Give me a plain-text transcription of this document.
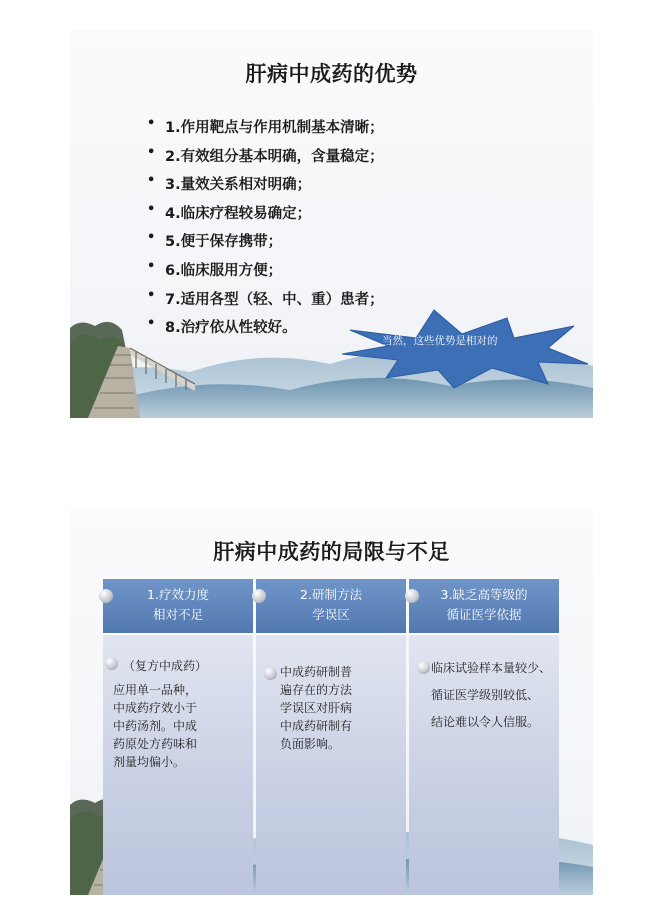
肝病中成药的优势
• 1.作用靶点与作用机制基本清晰；
• 2.有效组分基本明确，含量稳定；
• 3.量效关系相对明确；
• 4.临床疗程较易确定；
• 5.便于保存携带；
• 6.临床服用方便；
• 7.适用各型（轻、中、重）患者；
• 8.治疗依从性较好。
当然，这些优势是相对的
肝病中成药的局限与不足
1.疗效力度
相对不足
（复方中成药）
应用单一品种，
中成药疗效小于
中药汤剂。中成
药原处方药味和
剂量均偏小。
2.研制方法
学误区
中成药研制普
遍存在的方法
学误区对肝病
中成药研制有
负面影响。
3.缺乏高等级的
循证医学依据
临床试验样本量较少、
循证医学级别较低、
结论难以令人信服。
